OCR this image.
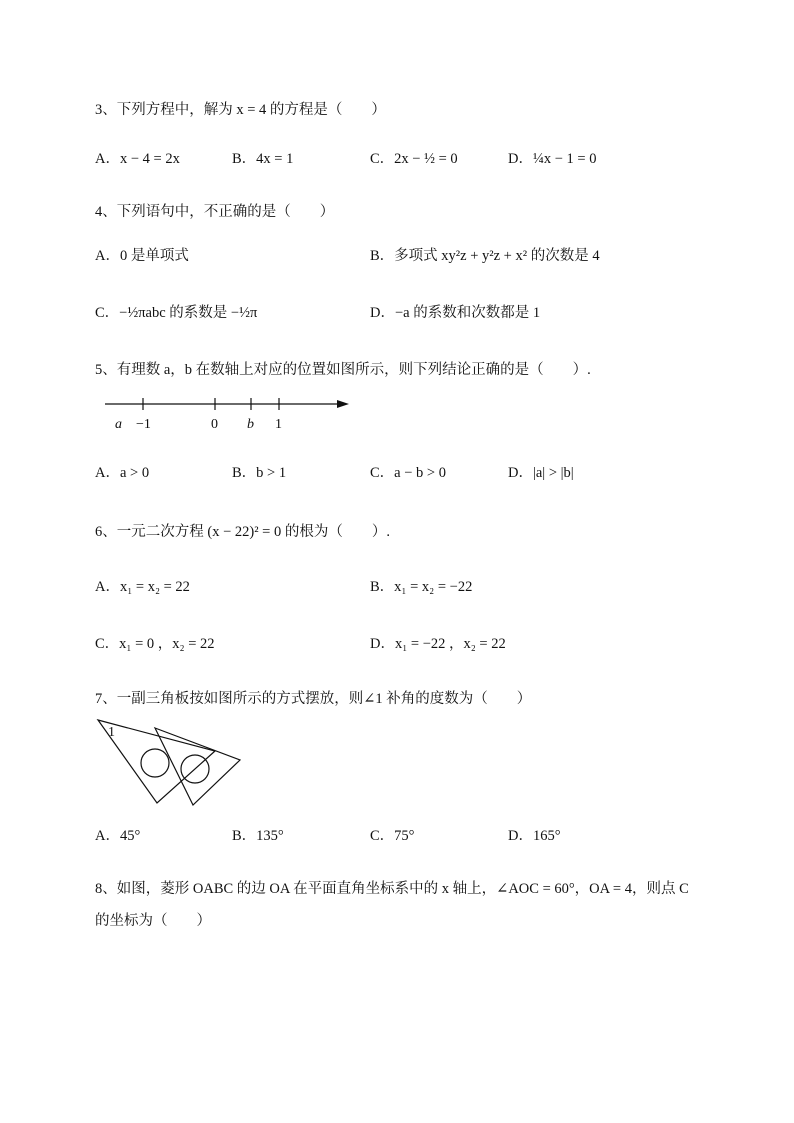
3、下列方程中，解为 x = 4 的方程是（　　）

A．x − 4 = 2x	B．4x = 1	C．2x − ½ = 0	D．¼x − 1 = 0

4、下列语句中，不正确的是（　　）

A．0 是单项式	B．多项式 xy²z + y²z + x² 的次数是 4
C．−½πabc 的系数是 −½π	D．−a 的系数和次数都是 1

5、有理数 a，b 在数轴上对应的位置如图所示，则下列结论正确的是（　　）.

a −1	0 b 1
A．a > 0	B．b > 1	C．a − b > 0	D．|a| > |b|

6、一元二次方程 (x − 22)² = 0 的根为（　　）.

A．x₁ = x₂ = 22	B．x₁ = x₂ = −22
C．x₁ = 0 ，x₂ = 22	D．x₁ = −22 ，x₂ = 22

7、一副三角板按如图所示的方式摆放，则∠1 补角的度数为（　　）

1
A．45°	B．135°	C．75°	D．165°

8、如图，菱形 OABC 的边 OA 在平面直角坐标系中的 x 轴上，∠AOC = 60°，OA = 4，则点 C 的坐标为（　　）
